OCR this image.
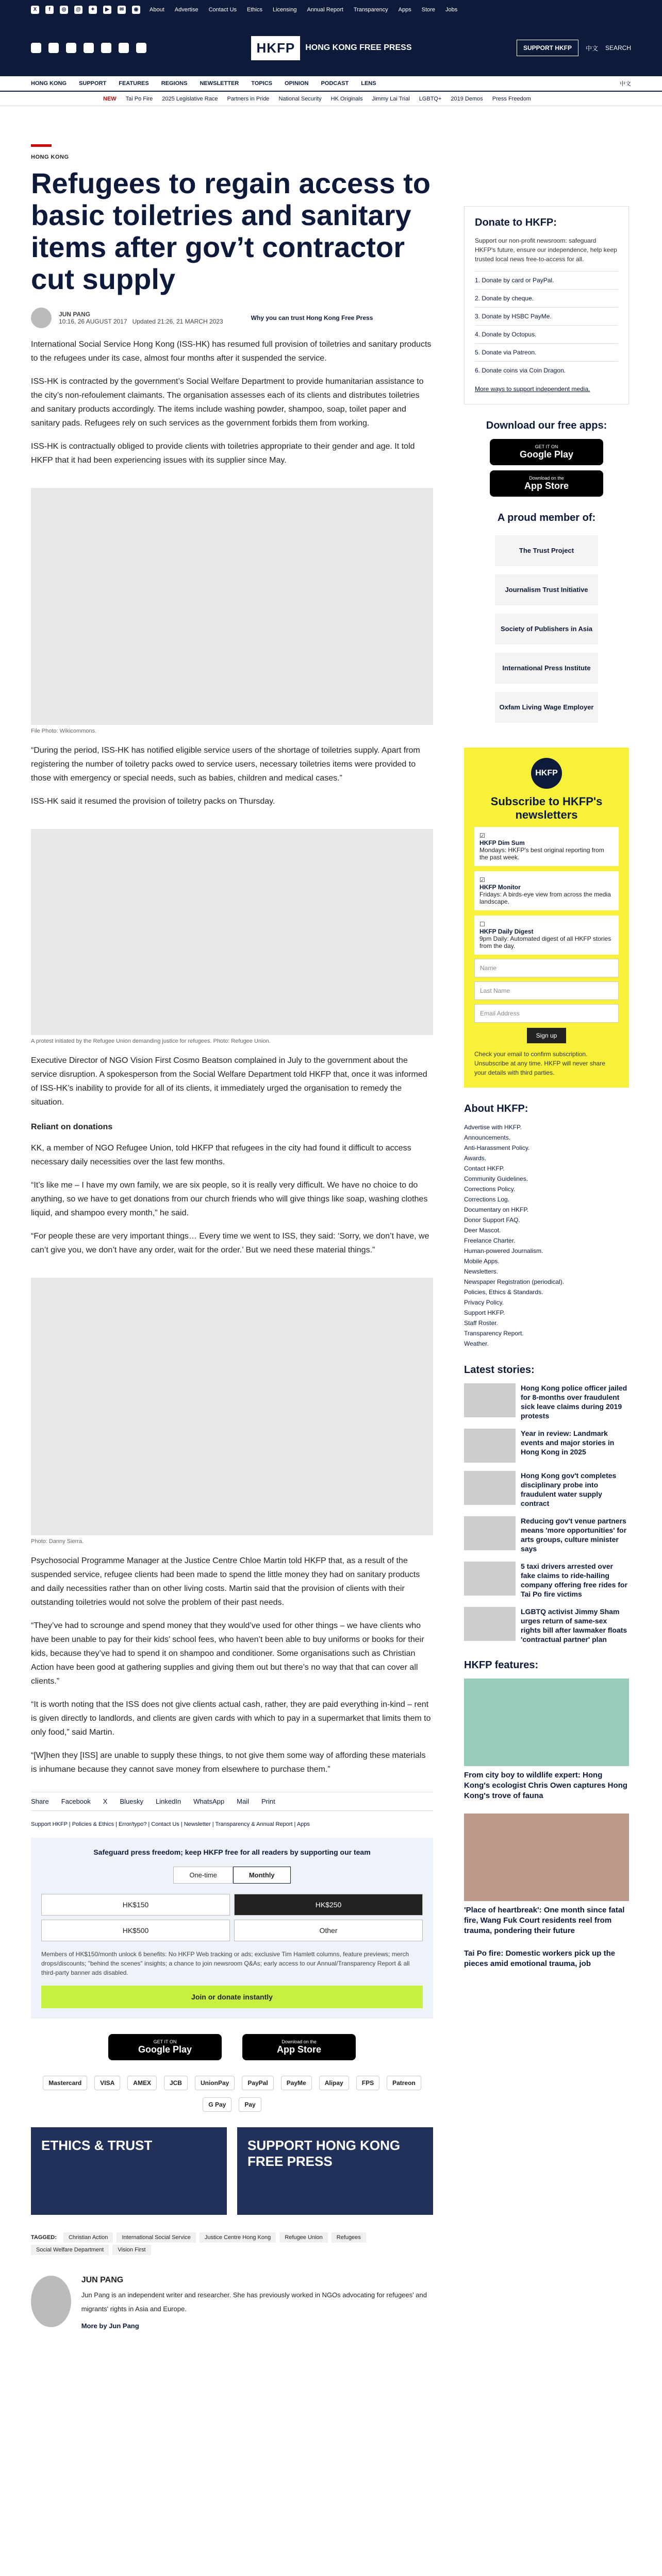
X	f	◎	@	✦	▶	✉	◉	About Advertise Contact Us Ethics Licensing Annual Report Transparency Apps Store Jobs
HKFP	HONG KONG FREE PRESS	SUPPORT HKFP	中文 SEARCH
HONG KONG SUPPORT FEATURES REGIONS NEWSLETTER TOPICS OPINION PODCAST LENS	中文
NEW Tai Po Fire 2025 Legislative Race Partners in Pride National Security HK Originals Jimmy Lai Trial LGBTQ+ 2019 Demos Press Freedom
HONG KONG
Refugees to regain access to basic toiletries and sanitary items after gov’t contractor cut supply
JUN PANG
10:16, 26 AUGUST 2017 Updated 21:26, 21 MARCH 2023	Why you can trust Hong Kong Free Press

International Social Service Hong Kong (ISS-HK) has resumed full provision of toiletries and sanitary products to the refugees under its case, almost four months after it suspended the service.

ISS-HK is contracted by the government’s Social Welfare Department to provide humanitarian assistance to the city’s non-refoulement claimants. The organisation assesses each of its clients and distributes toiletries and sanitary products accordingly. The items include washing powder, shampoo, soap, toilet paper and sanitary pads. Refugees rely on such services as the government forbids them from working.

ISS-HK is contractually obliged to provide clients with toiletries appropriate to their gender and age. It told HKFP that it had been experiencing issues with its supplier since May.

File Photo: Wikicommons.

“During the period, ISS-HK has notified eligible service users of the shortage of toiletries supply. Apart from registering the number of toiletry packs owed to service users, necessary toiletries items were provided to those with emergency or special needs, such as babies, children and medical cases.”

ISS-HK said it resumed the provision of toiletry packs on Thursday.

A protest initiated by the Refugee Union demanding justice for refugees. Photo: Refugee Union.

Executive Director of NGO Vision First Cosmo Beatson complained in July to the government about the service disruption. A spokesperson from the Social Welfare Department told HKFP that, once it was informed of ISS-HK’s inability to provide for all of its clients, it immediately urged the organisation to remedy the situation.

Reliant on donations

KK, a member of NGO Refugee Union, told HKFP that refugees in the city had found it difficult to access necessary daily necessities over the last few months.

“It’s like me – I have my own family, we are six people, so it is really very difficult. We have no choice to do anything, so we have to get donations from our church friends who will give things like soap, washing clothes liquid, and shampoo every month,” he said.

“For people these are very important things… Every time we went to ISS, they said: ‘Sorry, we don’t have, we can’t give you, we don’t have any order, wait for the order.’ But we need these material things.”

Photo: Danny Sierra.

Psychosocial Programme Manager at the Justice Centre Chloe Martin told HKFP that, as a result of the suspended service, refugee clients had been made to spend the little money they had on sanitary products and daily necessities rather than on other living costs. Martin said that the provision of clients with their outstanding toiletries would not solve the problem of their past needs.

“They’ve had to scrounge and spend money that they would’ve used for other things – we have clients who have been unable to pay for their kids’ school fees, who haven’t been able to buy uniforms or books for their kids, because they’ve had to spend it on shampoo and conditioner. Some organisations such as Christian Action have been good at gathering supplies and giving them out but there’s no way that that can cover all clients.”

“It is worth noting that the ISS does not give clients actual cash, rather, they are paid everything in-kind – rent is given directly to landlords, and clients are given cards with which to pay in a supermarket that limits them to only food,” said Martin.

“[W]hen they [ISS] are unable to supply these things, to not give them some way of affording these materials is inhumane because they cannot save money from elsewhere to purchase them.”

Share Facebook X Bluesky LinkedIn WhatsApp Mail Print
Support HKFP | Policies & Ethics | Error/typo? | Contact Us | Newsletter | Transparency & Annual Report | Apps
Safeguard press freedom; keep HKFP free for all readers by supporting our team
One-time	Monthly
HK$150	HK$250
HK$500	Other
Members of HK$150/month unlock 6 benefits: No HKFP Web tracking or ads; exclusive Tim Hamlett columns, feature previews; merch drops/discounts; "behind the scenes" insights; a chance to join newsroom Q&As; early access to our Annual/Transparency Report & all third-party banner ads disabled.
Join or donate instantly
GET IT ON
Google Play
Download on the
App Store
Mastercard	VISA	AMEX	JCB	UnionPay	PayPal	PayMe	Alipay	FPS	Patreon
G Pay	Pay
ETHICS & TRUST	SUPPORT HONG KONG FREE PRESS
TAGGED: Christian Action International Social Service Justice Centre Hong Kong Refugee Union Refugees Social Welfare Department Vision First
JUN PANG

Jun Pang is an independent writer and researcher. She has previously worked in NGOs advocating for refugees' and migrants' rights in Asia and Europe.

More by Jun Pang

Donate to HKFP:
Support our non-profit newsroom: safeguard HKFP's future, ensure our independence, help keep trusted local news free-to-access for all.
1. Donate by card or PayPal.
2. Donate by cheque.
3. Donate by HSBC PayMe.
4. Donate by Octopus.
5. Donate via Patreon.
6. Donate coins via Coin Dragon.
More ways to support independent media.
Download our free apps:
GET IT ON
Google Play
Download on the
App Store
A proud member of:
The Trust Project Journalism Trust Initiative Society of Publishers in Asia International Press Institute Oxfam Living Wage Employer
HKFP
Subscribe to HKFP's newsletters
☑
HKFP Dim Sum
Mondays: HKFP's best original reporting from the past week.
☑
HKFP Monitor
Fridays: A birds-eye view from across the media landscape.
☐
HKFP Daily Digest
9pm Daily: Automated digest of all HKFP stories from the day.
Name
Last Name
Email Address
Sign up
Check your email to confirm subscription. Unsubscribe at any time. HKFP will never share your details with third parties.
About HKFP:
Advertise with HKFP.
Announcements.
Anti-Harassment Policy.
Awards.
Contact HKFP.
Community Guidelines.
Corrections Policy.
Corrections Log.
Documentary on HKFP.
Donor Support FAQ.
Deer Mascot.
Freelance Charter.
Human-powered Journalism.
Mobile Apps.
Newsletters.
Newspaper Registration (periodical).
Policies, Ethics & Standards.
Privacy Policy.
Support HKFP.
Staff Roster.
Transparency Report.
Weather.
Latest stories:
Hong Kong police officer jailed for 8-months over fraudulent sick leave claims during 2019 protests
Year in review: Landmark events and major stories in Hong Kong in 2025
Hong Kong gov't completes disciplinary probe into fraudulent water supply contract
Reducing gov't venue partners means 'more opportunities' for arts groups, culture minister says
5 taxi drivers arrested over fake claims to ride-hailing company offering free rides for Tai Po fire victims
LGBTQ activist Jimmy Sham urges return of same-sex rights bill after lawmaker floats 'contractual partner' plan
HKFP features:
From city boy to wildlife expert: Hong Kong's ecologist Chris Owen captures Hong Kong's trove of fauna
'Place of heartbreak': One month since fatal fire, Wang Fuk Court residents reel from trauma, pondering their future
Tai Po fire: Domestic workers pick up the pieces amid emotional trauma, job
